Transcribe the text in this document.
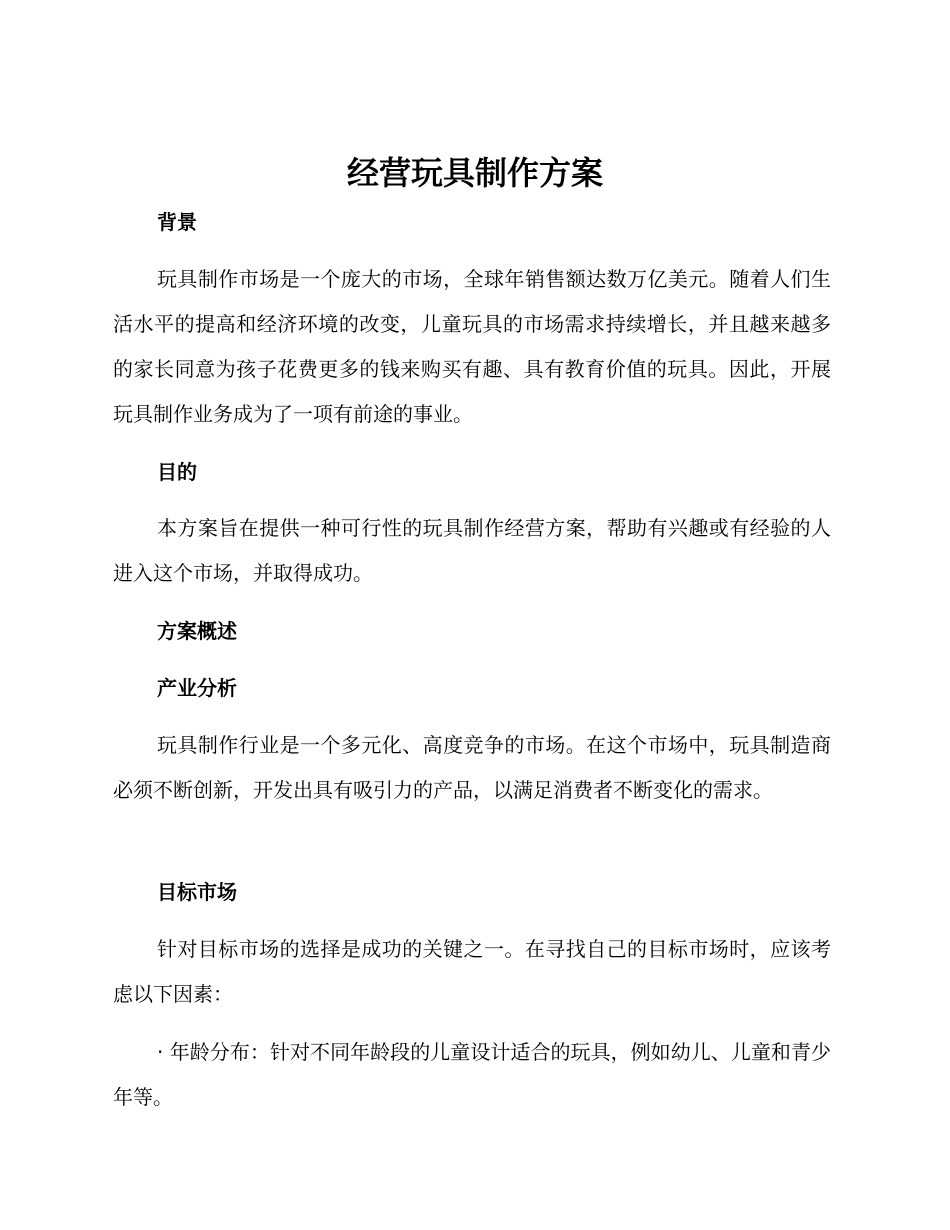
经营玩具制作方案
背景

玩具制作市场是一个庞大的市场，全球年销售额达数万亿美元。随着人们生活水平的提高和经济环境的改变，儿童玩具的市场需求持续增长，并且越来越多的家长同意为孩子花费更多的钱来购买有趣、具有教育价值的玩具。因此，开展玩具制作业务成为了一项有前途的事业。

目的

本方案旨在提供一种可行性的玩具制作经营方案，帮助有兴趣或有经验的人进入这个市场，并取得成功。

方案概述
产业分析

玩具制作行业是一个多元化、高度竞争的市场。在这个市场中，玩具制造商必须不断创新，开发出具有吸引力的产品，以满足消费者不断变化的需求。

目标市场

针对目标市场的选择是成功的关键之一。在寻找自己的目标市场时，应该考虑以下因素：

· 年龄分布：针对不同年龄段的儿童设计适合的玩具，例如幼儿、儿童和青少年等。
